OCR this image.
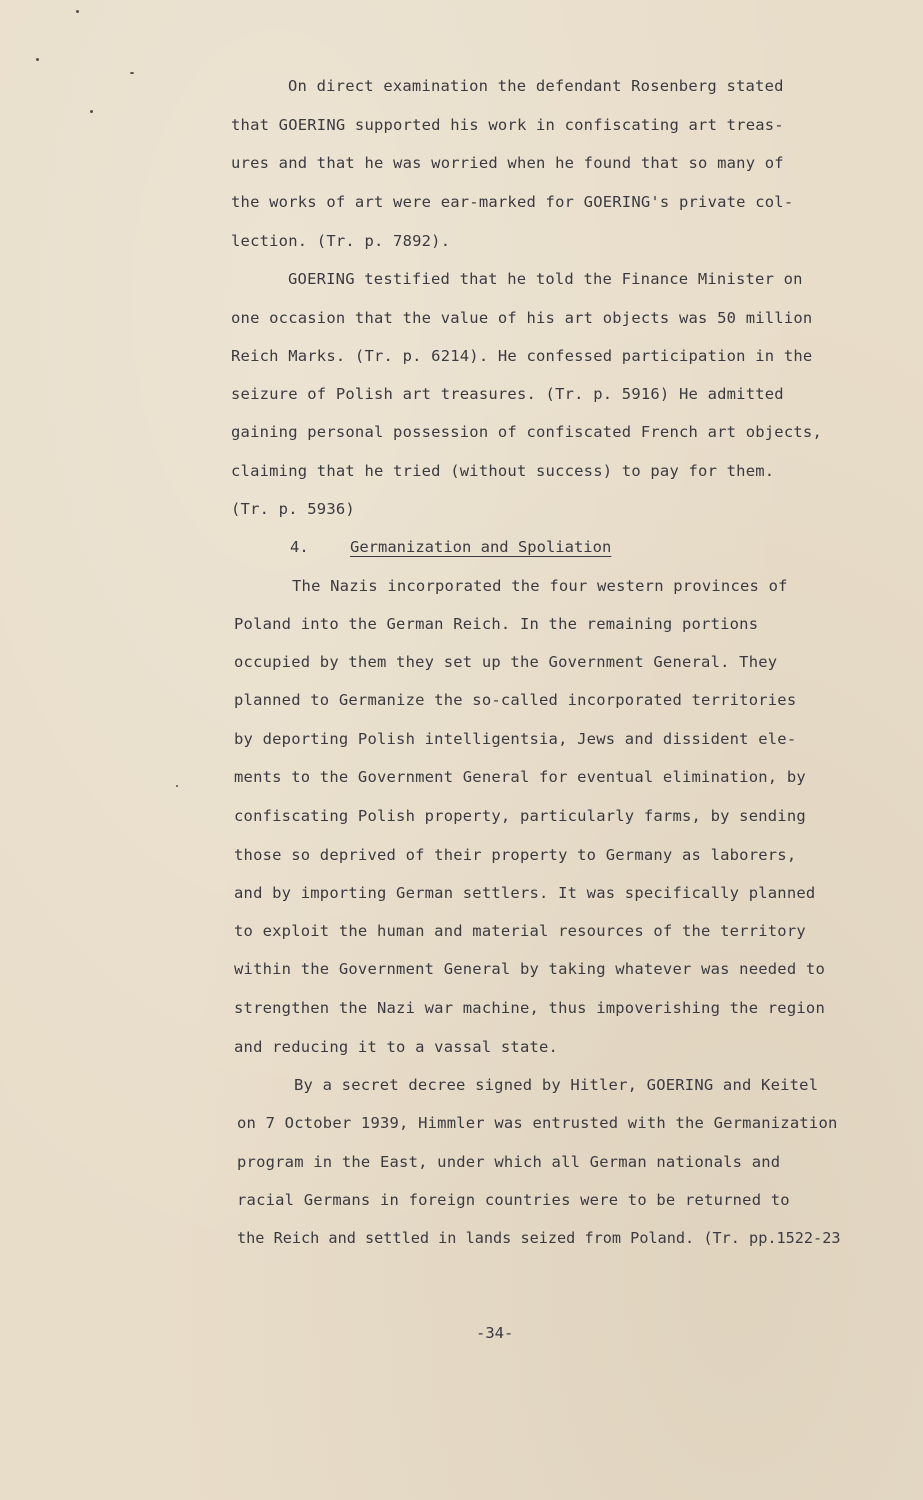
On direct examination the defendant Rosenberg stated
that GOERING supported his work in confiscating art treas-
ures and that he was worried when he found that so many of
the works of art were ear-marked for GOERING's private col-
lection. (Tr. p. 7892).
GOERING testified that he told the Finance Minister on
one occasion that the value of his art objects was 50 million
Reich Marks. (Tr. p. 6214). He confessed participation in the
seizure of Polish art treasures. (Tr. p. 5916) He admitted
gaining personal possession of confiscated French art objects,
claiming that he tried (without success) to pay for them.
(Tr. p. 5936)
4.	Germanization and Spoliation
The Nazis incorporated the four western provinces of
Poland into the German Reich. In the remaining portions
occupied by them they set up the Government General. They
planned to Germanize the so-called incorporated territories
by deporting Polish intelligentsia, Jews and dissident ele-
ments to the Government General for eventual elimination, by
confiscating Polish property, particularly farms, by sending
those so deprived of their property to Germany as laborers,
and by importing German settlers. It was specifically planned
to exploit the human and material resources of the territory
within the Government General by taking whatever was needed to
strengthen the Nazi war machine, thus impoverishing the region
and reducing it to a vassal state.
By a secret decree signed by Hitler, GOERING and Keitel
on 7 October 1939, Himmler was entrusted with the Germanization
program in the East, under which all German nationals and
racial Germans in foreign countries were to be returned to
the Reich and settled in lands seized from Poland. (Tr. pp.1522-23
-34-
